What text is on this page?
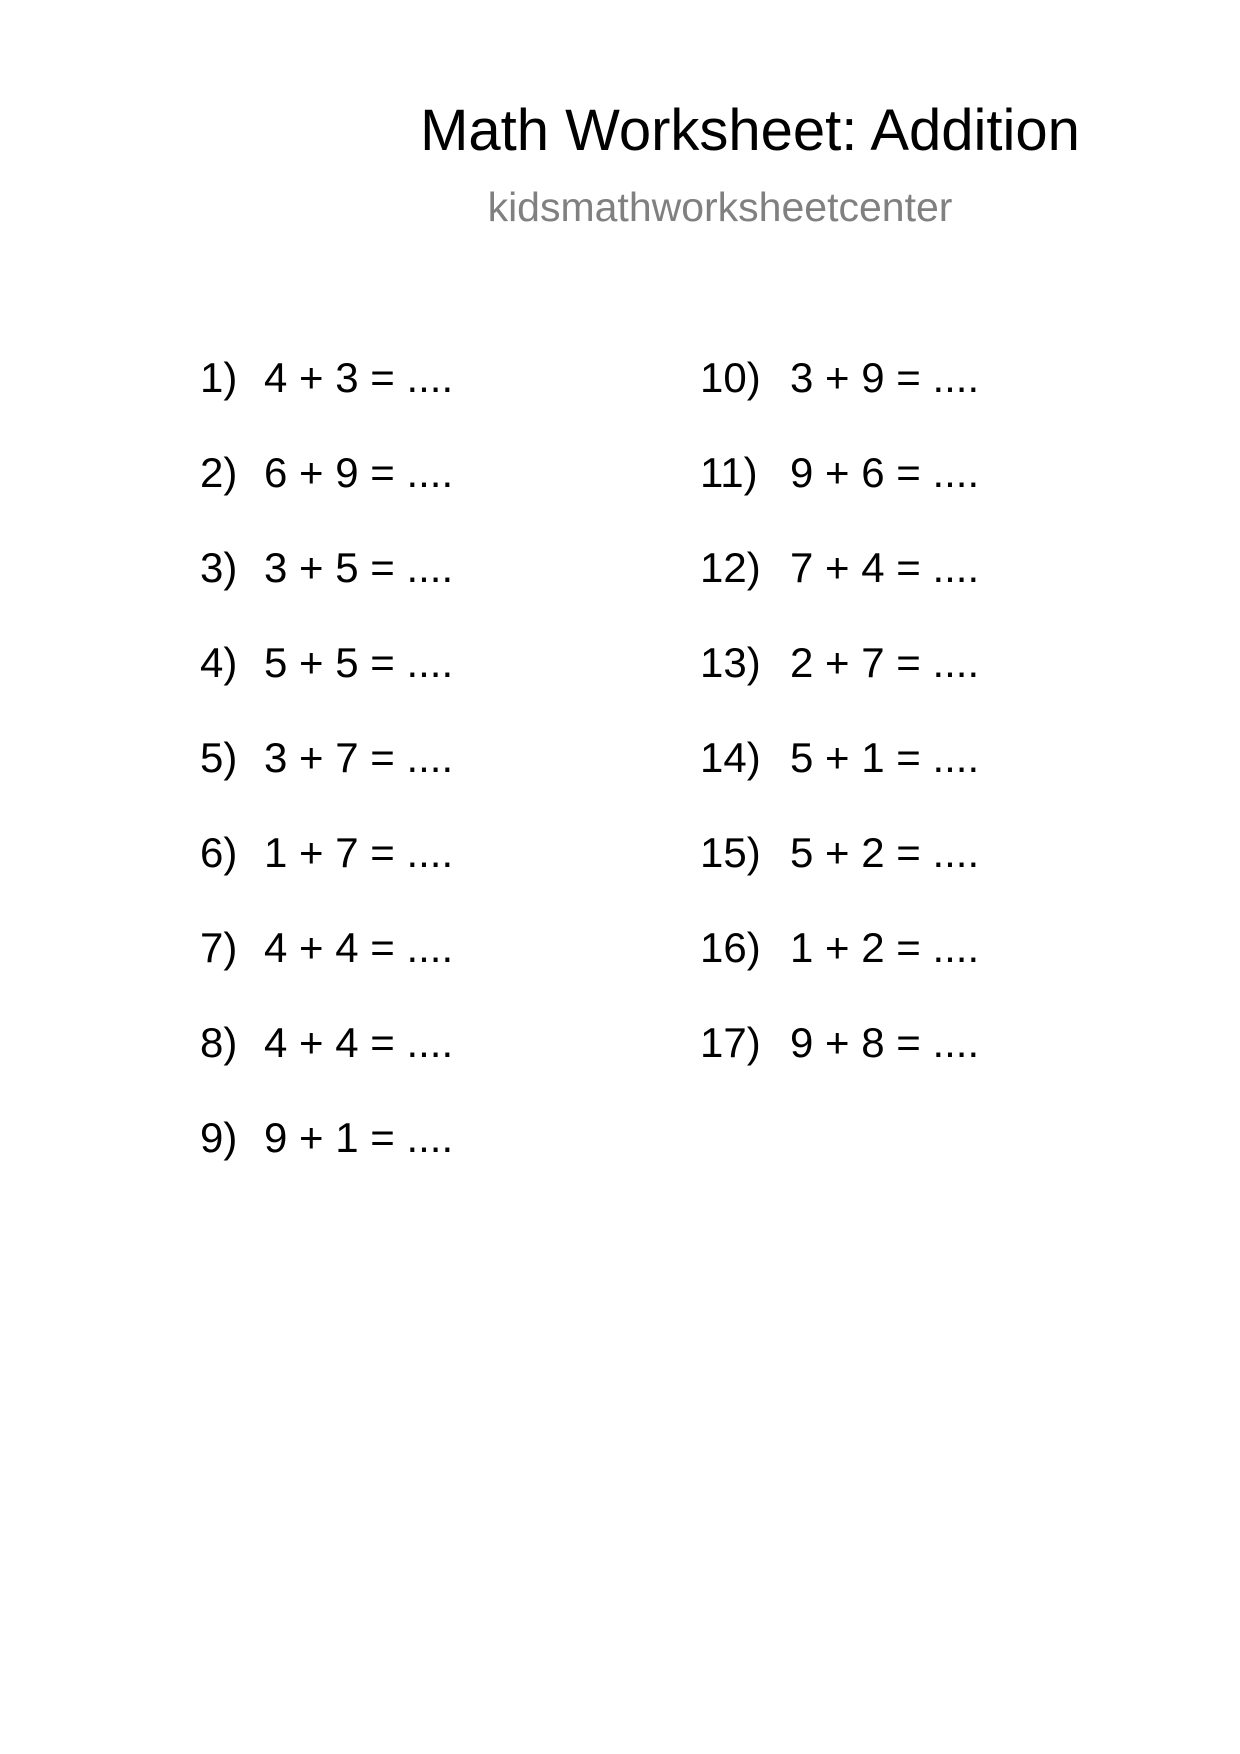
Math Worksheet: Addition
kidsmathworksheetcenter
1) 4 + 3 = ....
2) 6 + 9 = ....
3) 3 + 5 = ....
4) 5 + 5 = ....
5) 3 + 7 = ....
6) 1 + 7 = ....
7) 4 + 4 = ....
8) 4 + 4 = ....
9) 9 + 1 = ....
10) 3 + 9 = ....
11) 9 + 6 = ....
12) 7 + 4 = ....
13) 2 + 7 = ....
14) 5 + 1 = ....
15) 5 + 2 = ....
16) 1 + 2 = ....
17) 9 + 8 = ....
